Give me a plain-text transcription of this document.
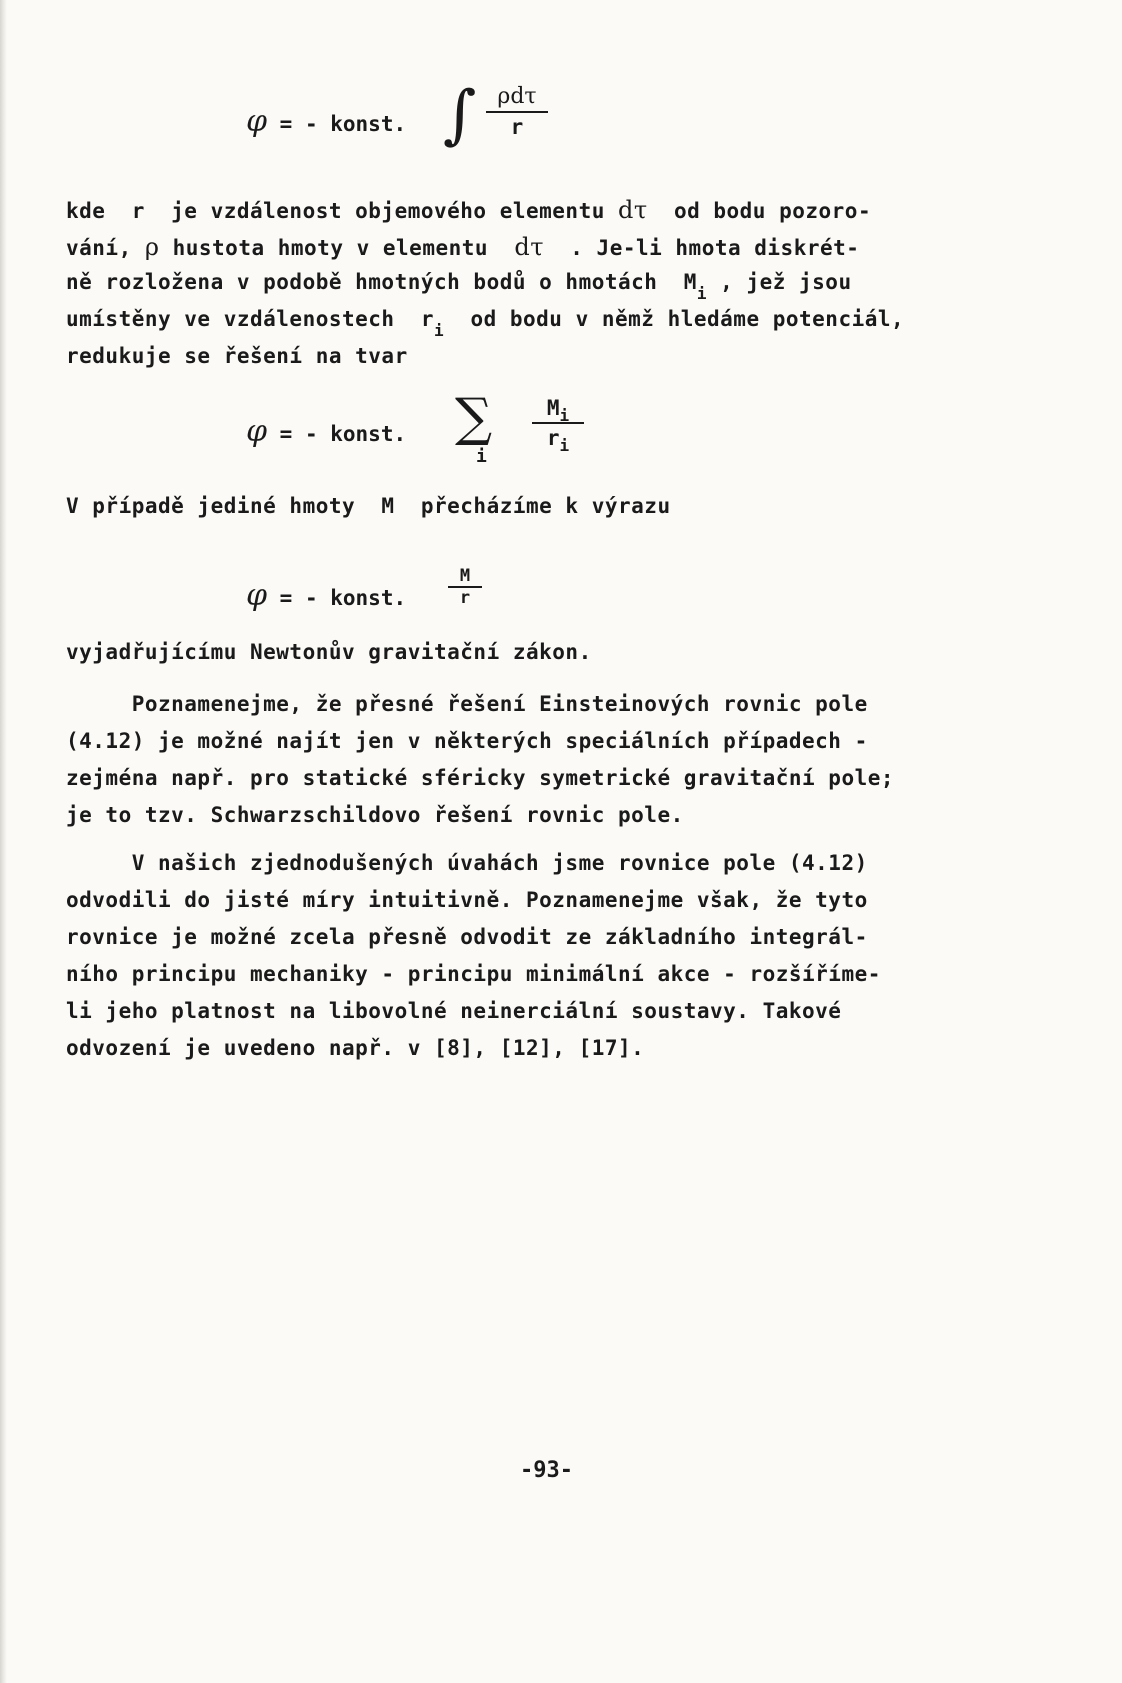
φ = - konst. ∫ ρdτ
r
kde  r  je vzdálenost objemového elementu dτ  od bodu pozoro-
vání, ρ hustota hmoty v elementu  dτ  . Je-li hmota diskrét-
ně rozložena v podobě hmotných bodů o hmotách  $M_i$ , jež jsou
umístěny ve vzdálenostech  $r_i$  od bodu v němž hledáme potenciál,
redukuje se řešení na tvar
φ = - konst. ∑
i
$M_i$
$r_i$
V případě jediné hmoty  M  přecházíme k výrazu
φ = - konst.
M
r
vyjadřujícímu Newtonův gravitační zákon.
Poznamenejme, že přesné řešení Einsteinových rovnic pole
(4.12) je možné najít jen v některých speciálních případech -
zejména např. pro statické sféricky symetrické gravitační pole;
je to tzv. Schwarzschildovo řešení rovnic pole.
V našich zjednodušených úvahách jsme rovnice pole (4.12)
odvodili do jisté míry intuitivně. Poznamenejme však, že tyto
rovnice je možné zcela přesně odvodit ze základního integrál-
ního principu mechaniky - principu minimální akce - rozšíříme-
li jeho platnost na libovolné neinerciální soustavy. Takové
odvození je uvedeno např. v [8], [12], [17].
-93-
